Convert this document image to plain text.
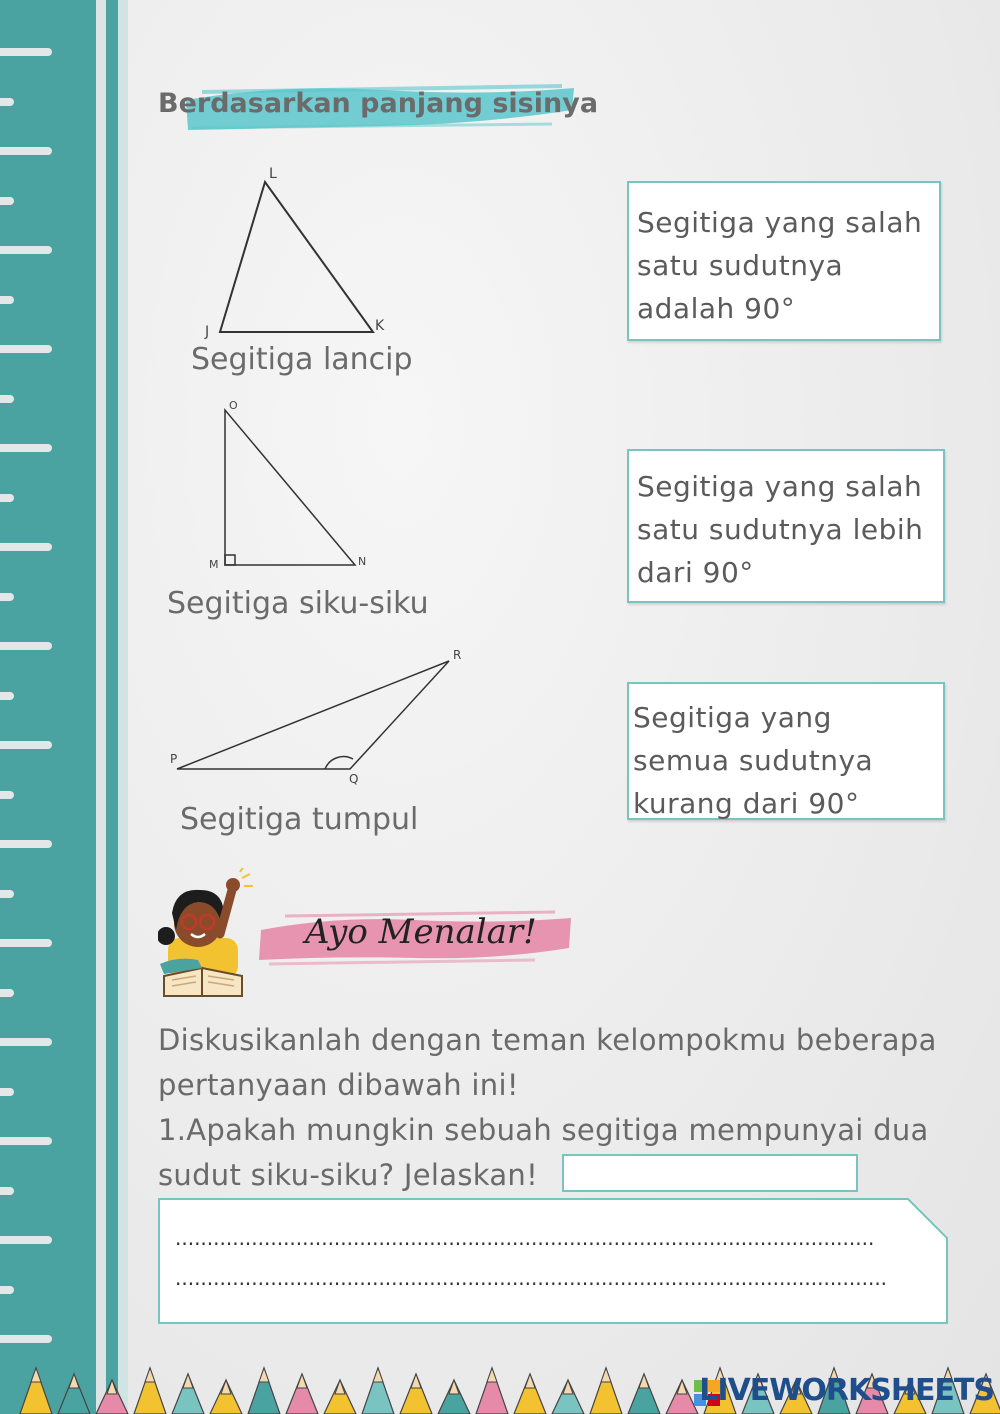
Berdasarkan panjang sisinya
L
J	K
Segitiga lancip
O
M	N
Segitiga siku-siku
R
P
Q
Segitiga tumpul
Segitiga yang salah satu sudutnya adalah 90°
Segitiga yang salah satu sudutnya lebih dari 90°
Segitiga yang semua sudutnya kurang dari 90°
Ayo Menalar!
Diskusikanlah dengan teman kelompokmu beberapa pertanyaan dibawah ini!
1.Apakah mungkin sebuah segitiga mempunyai dua sudut siku-siku? Jelaskan!
..............................................................................................................
................................................................................................................
LIVEWORKSHEETS
